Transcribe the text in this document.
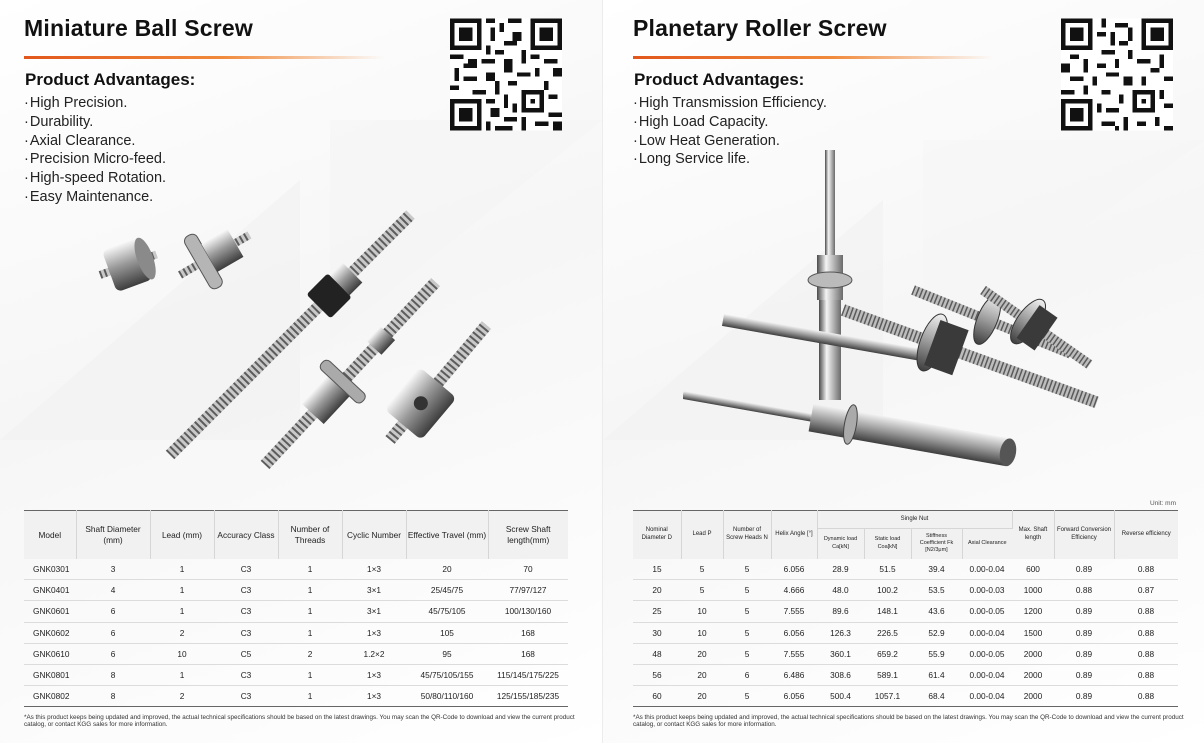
Miniature Ball Screw
Product Advantages:
· High Precision.
· Durability.
· Axial Clearance.
· Precision Micro-feed.
· High-speed Rotation.
· Easy Maintenance.
Model	Shaft Diameter (mm)	Lead (mm)	Accuracy Class	Number of Threads	Cyclic Number	Effective Travel (mm)	Screw Shaft length(mm)
GNK0301	3	1	C3	1	1×3	20	70
GNK0401	4	1	C3	1	3×1	25/45/75	77/97/127
GNK0601	6	1	C3	1	3×1	45/75/105	100/130/160
GNK0602	6	2	C3	1	1×3	105	168
GNK0610	6	10	C5	2	1.2×2	95	168
GNK0801	8	1	C3	1	1×3	45/75/105/155	115/145/175/225
GNK0802	8	2	C3	1	1×3	50/80/110/160	125/155/185/235

*As this product keeps being updated and improved, the actual technical specifications should be based on the latest drawings. You may scan the QR-Code to download and view the current product catalog, or contact KGG sales for more information.

Planetary Roller Screw
Product Advantages:
· High Transmission Efficiency.
· High Load Capacity.
· Low Heat Generation.
· Long Service life.
Unit: mm
Nominal Diameter D	Lead P	Number of Screw Heads N	Helix Angle [°]	Single Nut				Max. Shaft length	Forward Conversion Efficiency	Reverse efficiency
				Dynamic load Ca[kN]	Static load Coa[kN]	Stiffness Coefficient Fk [N2/3μm]	Axial Clearance			
15	5	5	6.056	28.9	51.5	39.4	0.00-0.04	600	0.89	0.88
20	5	5	4.666	48.0	100.2	53.5	0.00-0.03	1000	0.88	0.87
25	10	5	7.555	89.6	148.1	43.6	0.00-0.05	1200	0.89	0.88
30	10	5	6.056	126.3	226.5	52.9	0.00-0.04	1500	0.89	0.88
48	20	5	7.555	360.1	659.2	55.9	0.00-0.05	2000	0.89	0.88
56	20	6	6.486	308.6	589.1	61.4	0.00-0.04	2000	0.89	0.88
60	20	5	6.056	500.4	1057.1	68.4	0.00-0.04	2000	0.89	0.88

*As this product keeps being updated and improved, the actual technical specifications should be based on the latest drawings. You may scan the QR-Code to download and view the current product catalog, or contact KGG sales for more information.
